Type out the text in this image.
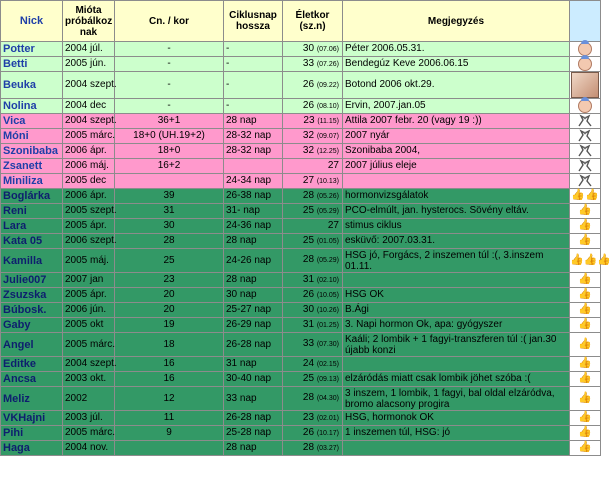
Nick	Mióta próbálkoz nak	Cn. / kor	Ciklusnap hossza	Életkor (sz.n)	Megjegyzés	
Potter	2004 júl.	-	-	30 (07.06)	Péter 2006.05.31.	
Betti	2005 jún.	-	-	33 (07.26)	Bendegúz Keve 2006.06.15	
Beuka	2004 szept.	-	-	26 (09.22)	Botond 2006 okt.29.	
Nolina	2004 dec	-	-	26 (08.10)	Ervin, 2007.jan.05	
Vica	2004 szept.	36+1	28 nap	23 (11.15)	Attila 2007 febr. 20 (vagy 19 :))	
Móni	2005 márc.	18+0 (UH.19+2)	28-32 nap	32 (09.07)	2007 nyár	
Szonibaba	2006 ápr.	18+0	28-32 nap	32 (12.25)	Szonibaba 2004,	
Zsanett	2006 máj.	16+2		27	2007 július eleje	
Miniliza	2005 dec		24-34 nap	27 (10.13)		
Boglárka	2006 ápr.	39	26-38 nap	28 (05.26)	hormonvizsgálatok	👍👍
Reni	2005 szept.	31	31- nap	25 (05.29)	PCO-elmúlt, jan. hysterocs. Sövény eltáv.	👍
Lara	2005 ápr.	30	24-36 nap	27	stimus ciklus	👍
Kata 05	2006 szept.	28	28 nap	25 (01.05)	esküvő: 2007.03.31.	👍
Kamilla	2005 máj.	25	24-26 nap	28 (05.29)	HSG jó, Forgács, 2 inszemen túl :(, 3.inszem 01.11.	👍👍👍
Julie007	2007 jan	23	28 nap	31 (02.10)		👍
Zsuzska	2005 ápr.	20	30 nap	26 (10.05)	HSG OK	👍
Búbosk.	2006 jún.	20	25-27 nap	30 (10.26)	B.Ági	👍
Gaby	2005 okt	19	26-29 nap	31 (01.25)	3. Napi hormon Ok, apa: gyógyszer	👍
Angel	2005 márc.	18	26-28 nap	33 (07.30)	Kaáli; 2 lombik + 1 fagyi-transzferen túl :( jan.30 újabb konzi	👍
Editke	2004 szept.	16	31 nap	24 (02.15)		👍
Ancsa	2003 okt.	16	30-40 nap	25 (09.13)	elzáródás miatt csak lombik jöhet szóba :(	👍
Meliz	2002	12	33 nap	28 (04.30)	3 inszem, 1 lombik, 1 fagyi, bal oldal elzáródva, bromo alacsony progira	👍
VKHajni	2003 júl.	11	26-28 nap	23 (02.01)	HSG, hormonok OK	👍
Pihi	2005 márc.	9	25-28 nap	26 (10.17)	1 inszemen túl, HSG: jó	👍
Haga	2004 nov.		28 nap	28 (03.27)		👍
